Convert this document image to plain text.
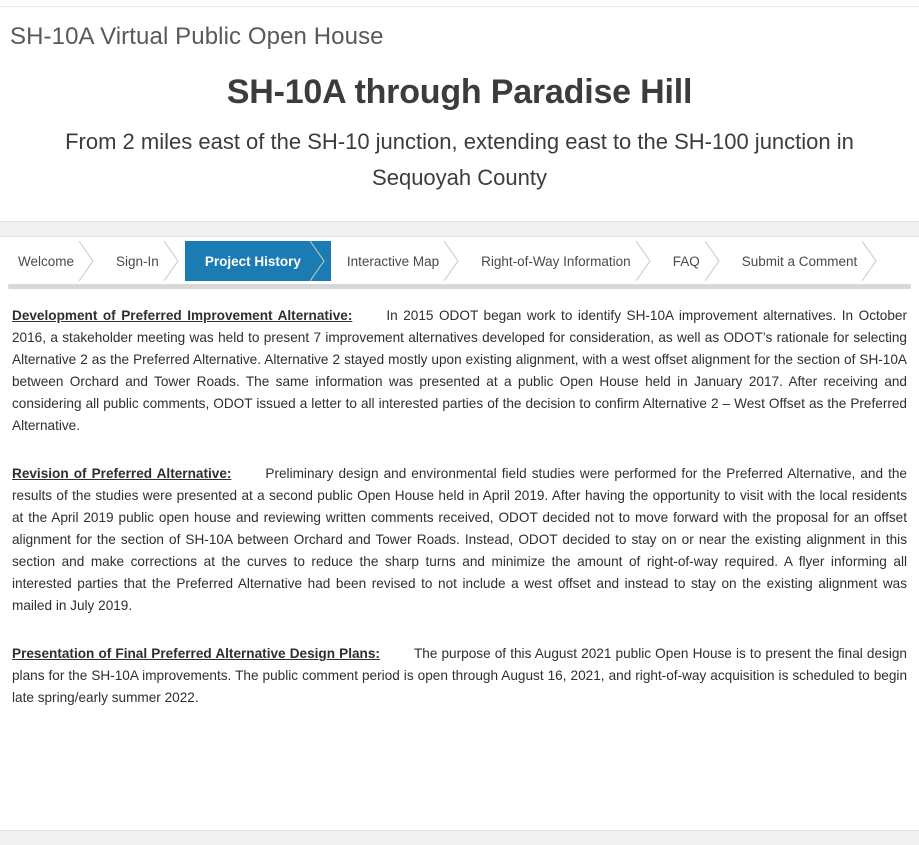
SH-10A Virtual Public Open House
SH-10A through Paradise Hill
From 2 miles east of the SH-10 junction, extending east to the SH-100 junction in Sequoyah County
Welcome	Sign-In	Project History	Interactive Map	Right-of-Way Information	FAQ	Submit a Comment

Development of Preferred Improvement Alternative:	In 2015 ODOT began work to identify SH-10A improvement alternatives. In October 2016, a stakeholder meeting was held to present 7 improvement alternatives developed for consideration, as well as ODOT’s rationale for selecting Alternative 2 as the Preferred Alternative. Alternative 2 stayed mostly upon existing alignment, with a west offset alignment for the section of SH-10A between Orchard and Tower Roads. The same information was presented at a public Open House held in January 2017. After receiving and considering all public comments, ODOT issued a letter to all interested parties of the decision to confirm Alternative 2 – West Offset as the Preferred Alternative.

Revision of Preferred Alternative:	Preliminary design and environmental field studies were performed for the Preferred Alternative, and the results of the studies were presented at a second public Open House held in April 2019. After having the opportunity to visit with the local residents at the April 2019 public open house and reviewing written comments received, ODOT decided not to move forward with the proposal for an offset alignment for the section of SH-10A between Orchard and Tower Roads. Instead, ODOT decided to stay on or near the existing alignment in this section and make corrections at the curves to reduce the sharp turns and minimize the amount of right-of-way required. A flyer informing all interested parties that the Preferred Alternative had been revised to not include a west offset and instead to stay on the existing alignment was mailed in July 2019.

Presentation of Final Preferred Alternative Design Plans:	The purpose of this August 2021 public Open House is to present the final design plans for the SH-10A improvements. The public comment period is open through August 16, 2021, and right-of-way acquisition is scheduled to begin late spring/early summer 2022.
